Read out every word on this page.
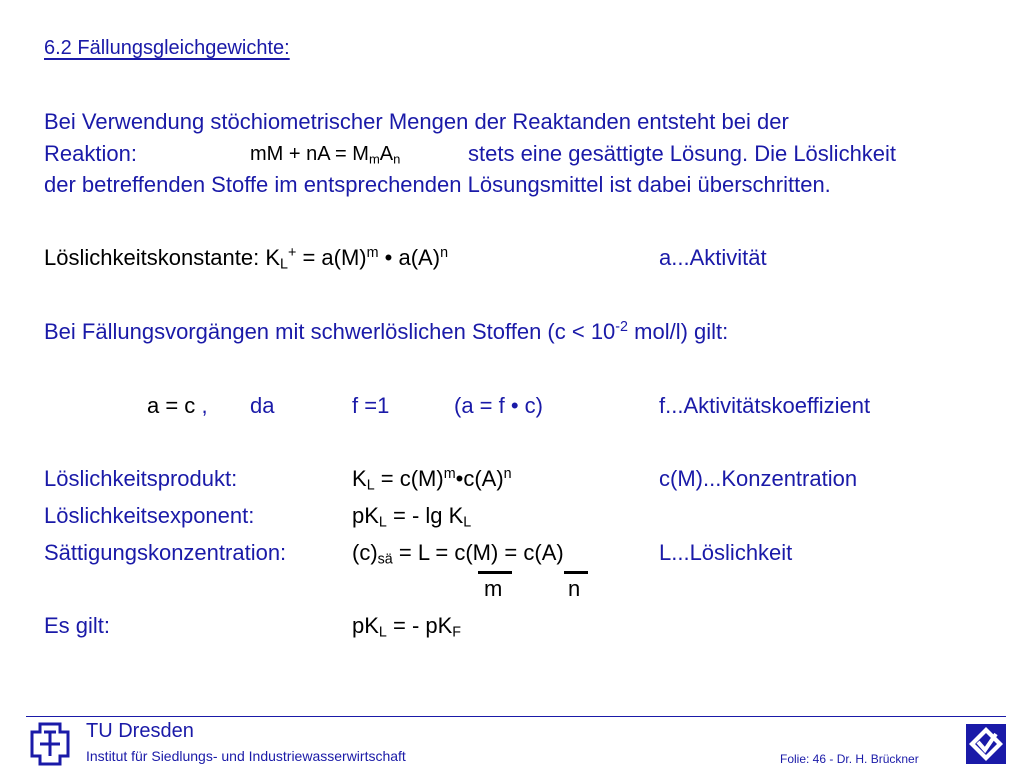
6.2 Fällungsgleichgewichte:
Bei Verwendung stöchiometrischer Mengen der Reaktanden entsteht bei der
Reaktion:	mM + nA = $M_mA_n$	stets eine gesättigte Lösung. Die Löslichkeit
der betreffenden Stoffe im entsprechenden Lösungsmittel ist dabei überschritten.
Löslichkeitskonstante: $K_L^+ = a(M)^m$ • $a(A)^n$	a...Aktivität
Bei Fällungsvorgängen mit schwerlöslichen Stoffen ($c < 10^{-2}$ mol/l) gilt:
a = c , da	f =1	(a = f • c)	f...Aktivitätskoeffizient
Löslichkeitsprodukt:	$K_L$ = $c(M)^m•c(A)^n$	c(M)...Konzentration
Löslichkeitsexponent:	$pK_L$ = - $\lg K_L$
Sättigungskonzentration:	$(c)_{sä} = L = c(M) = c(A)$	L...Löslichkeit
m	n
Es gilt:	$pK_L$ = - $pK_F$
TU Dresden
Institut für Siedlungs- und Industriewasserwirtschaft	Folie: 46 - Dr. H. Brückner
